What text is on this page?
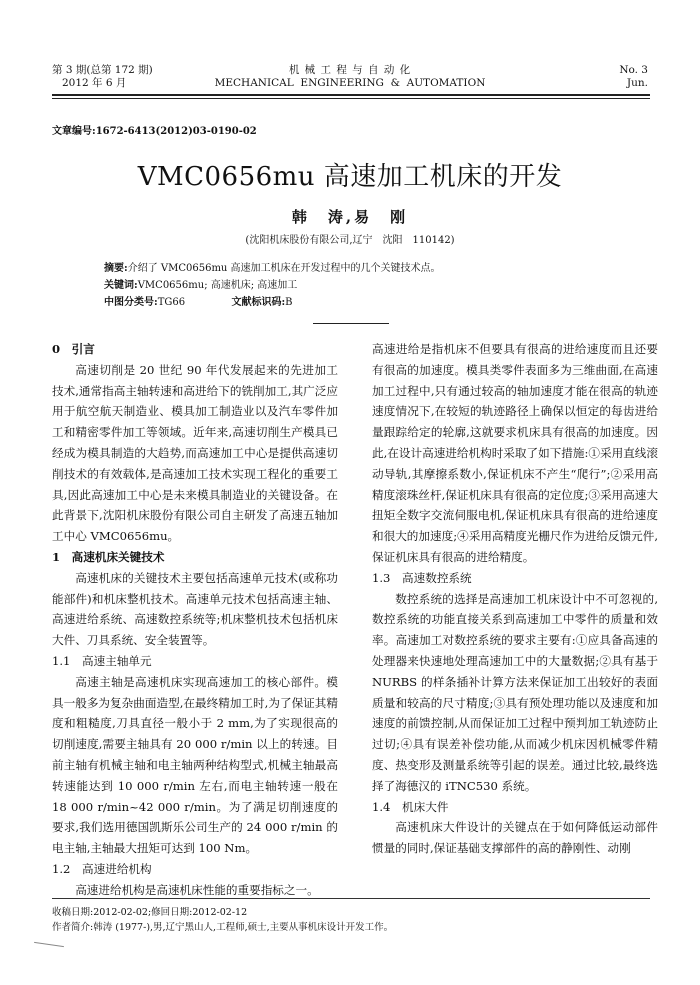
第 3 期(总第 172 期)
2012 年 6 月
机 械 工 程 与 自 动 化
MECHANICAL  ENGINEERING  &  AUTOMATION
No. 3
Jun.
文章编号:1672-6413(2012)03-0190-02
VMC0656mu 高速加工机床的开发
韩　涛,易　刚
(沈阳机床股份有限公司,辽宁　沈阳　110142)
摘要:介绍了 VMC0656mu 高速加工机床在开发过程中的几个关键技术点。
关键词:VMC0656mu; 高速机床; 高速加工
中图分类号:TG66	文献标识码:B

0　引言

高速切削是 20 世纪 90 年代发展起来的先进加工技术,通常指高主轴转速和高进给下的铣削加工,其广泛应用于航空航天制造业、模具加工制造业以及汽车零件加工和精密零件加工等领域。近年来,高速切削生产模具已经成为模具制造的大趋势,而高速加工中心是提供高速切削技术的有效载体,是高速加工技术实现工程化的重要工具,因此高速加工中心是未来模具制造业的关键设备。在此背景下,沈阳机床股份有限公司自主研发了高速五轴加工中心 VMC0656mu。

1　高速机床关键技术

高速机床的关键技术主要包括高速单元技术(或称功能部件)和机床整机技术。高速单元技术包括高速主轴、高速进给系统、高速数控系统等;机床整机技术包括机床大件、刀具系统、安全装置等。

1.1　高速主轴单元

高速主轴是高速机床实现高速加工的核心部件。模具一般多为复杂曲面造型,在最终精加工时,为了保证其精度和粗糙度,刀具直径一般小于 2 mm,为了实现很高的切削速度,需要主轴具有 20 000 r/min 以上的转速。目前主轴有机械主轴和电主轴两种结构型式,机械主轴最高转速能达到 10 000 r/min 左右,而电主轴转速一般在 18 000 r/min~42 000 r/min。为了满足切削速度的要求,我们选用德国凯斯乐公司生产的 24 000 r/min 的电主轴,主轴最大扭矩可达到 100 Nm。

1.2　高速进给机构

高速进给机构是高速机床性能的重要指标之一。

高速进给是指机床不但要具有很高的进给速度而且还要有很高的加速度。模具类零件表面多为三维曲面,在高速加工过程中,只有通过较高的轴加速度才能在很高的轨迹速度情况下,在较短的轨迹路径上确保以恒定的每齿进给量跟踪给定的轮廓,这就要求机床具有很高的加速度。因此,在设计高速进给机构时采取了如下措施:①采用直线滚动导轨,其摩擦系数小,保证机床不产生“爬行”;②采用高精度滚珠丝杆,保证机床具有很高的定位度;③采用高速大扭矩全数字交流伺服电机,保证机床具有很高的进给速度和很大的加速度;④采用高精度光栅尺作为进给反馈元件,保证机床具有很高的进给精度。

1.3　高速数控系统

数控系统的选择是高速加工机床设计中不可忽视的,数控系统的功能直接关系到高速加工中零件的质量和效率。高速加工对数控系统的要求主要有:①应具备高速的处理器来快速地处理高速加工中的大量数据;②具有基于 NURBS 的样条插补计算方法来保证加工出较好的表面质量和较高的尺寸精度;③具有预处理功能以及速度和加速度的前馈控制,从而保证加工过程中预判加工轨迹防止过切;④具有误差补偿功能,从而减少机床因机械零件精度、热变形及测量系统等引起的误差。通过比较,最终选择了海德汉的 iTNC530 系统。

1.4　机床大件

高速机床大件设计的关键点在于如何降低运动部件惯量的同时,保证基础支撑部件的高的静刚性、动刚

收稿日期:2012-02-02;修回日期:2012-02-12
作者简介:韩涛 (1977-),男,辽宁黑山人,工程师,硕士,主要从事机床设计开发工作。
